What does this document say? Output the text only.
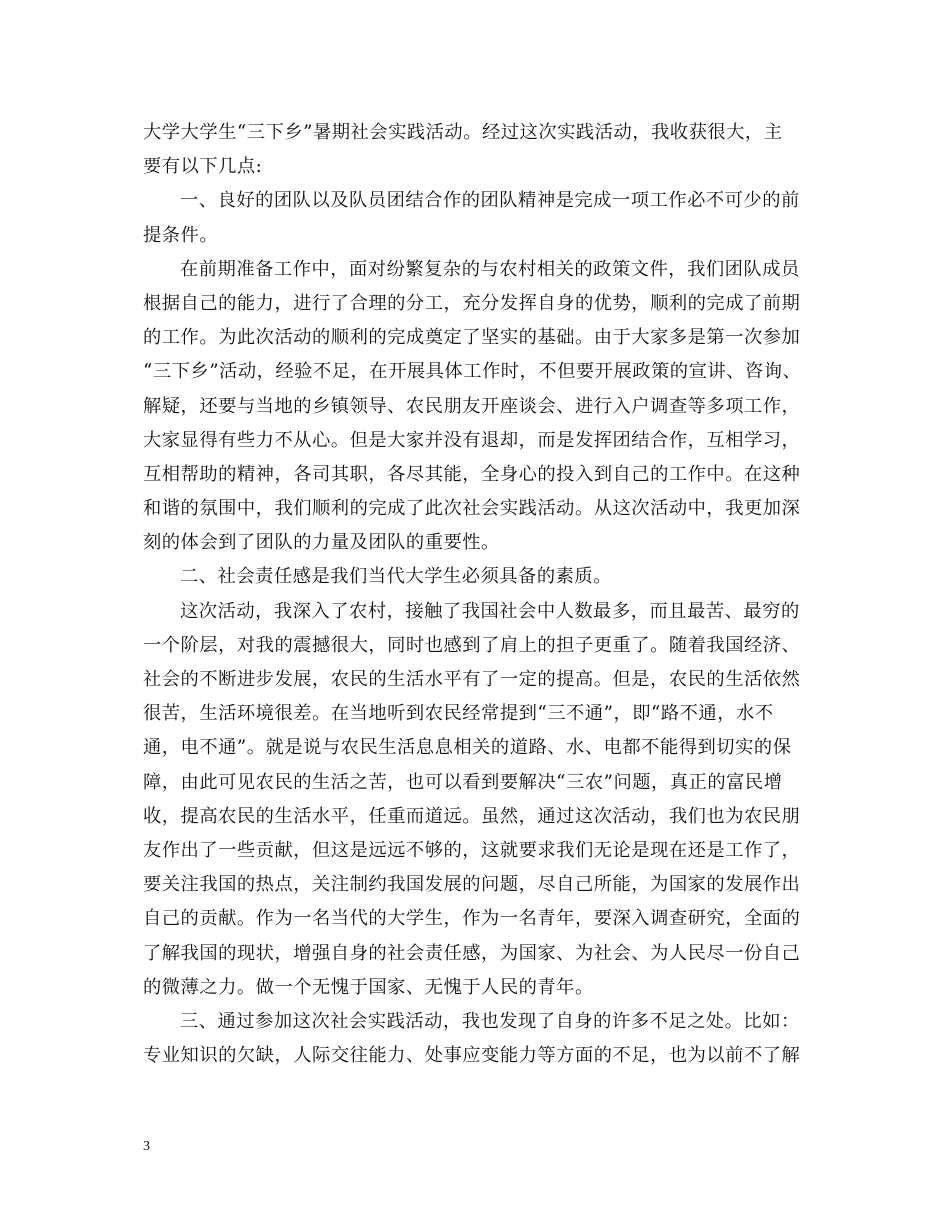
大学大学生“三下乡”暑期社会实践活动。经过这次实践活动，我收获很大，主
要有以下几点:
一、良好的团队以及队员团结合作的团队精神是完成一项工作必不可少的前
提条件。
在前期准备工作中，面对纷繁复杂的与农村相关的政策文件，我们团队成员
根据自己的能力，进行了合理的分工，充分发挥自身的优势，顺利的完成了前期
的工作。为此次活动的顺利的完成奠定了坚实的基础。由于大家多是第一次参加
“三下乡”活动，经验不足，在开展具体工作时，不但要开展政策的宣讲、咨询、
解疑，还要与当地的乡镇领导、农民朋友开座谈会、进行入户调查等多项工作，
大家显得有些力不从心。但是大家并没有退却，而是发挥团结合作，互相学习，
互相帮助的精神，各司其职，各尽其能，全身心的投入到自己的工作中。在这种
和谐的氛围中，我们顺利的完成了此次社会实践活动。从这次活动中，我更加深
刻的体会到了团队的力量及团队的重要性。
二、社会责任感是我们当代大学生必须具备的素质。
这次活动，我深入了农村，接触了我国社会中人数最多，而且最苦、最穷的
一个阶层，对我的震撼很大，同时也感到了肩上的担子更重了。随着我国经济、
社会的不断进步发展，农民的生活水平有了一定的提高。但是，农民的生活依然
很苦，生活环境很差。在当地听到农民经常提到“三不通”，即“路不通，水不
通，电不通”。就是说与农民生活息息相关的道路、水、电都不能得到切实的保
障，由此可见农民的生活之苦，也可以看到要解决“三农”问题，真正的富民增
收，提高农民的生活水平，任重而道远。虽然，通过这次活动，我们也为农民朋
友作出了一些贡献，但这是远远不够的，这就要求我们无论是现在还是工作了，
要关注我国的热点，关注制约我国发展的问题，尽自己所能，为国家的发展作出
自己的贡献。作为一名当代的大学生，作为一名青年，要深入调查研究，全面的
了解我国的现状，增强自身的社会责任感，为国家、为社会、为人民尽一份自己
的微薄之力。做一个无愧于国家、无愧于人民的青年。
三、通过参加这次社会实践活动，我也发现了自身的许多不足之处。比如：
专业知识的欠缺，人际交往能力、处事应变能力等方面的不足，也为以前不了解
3
